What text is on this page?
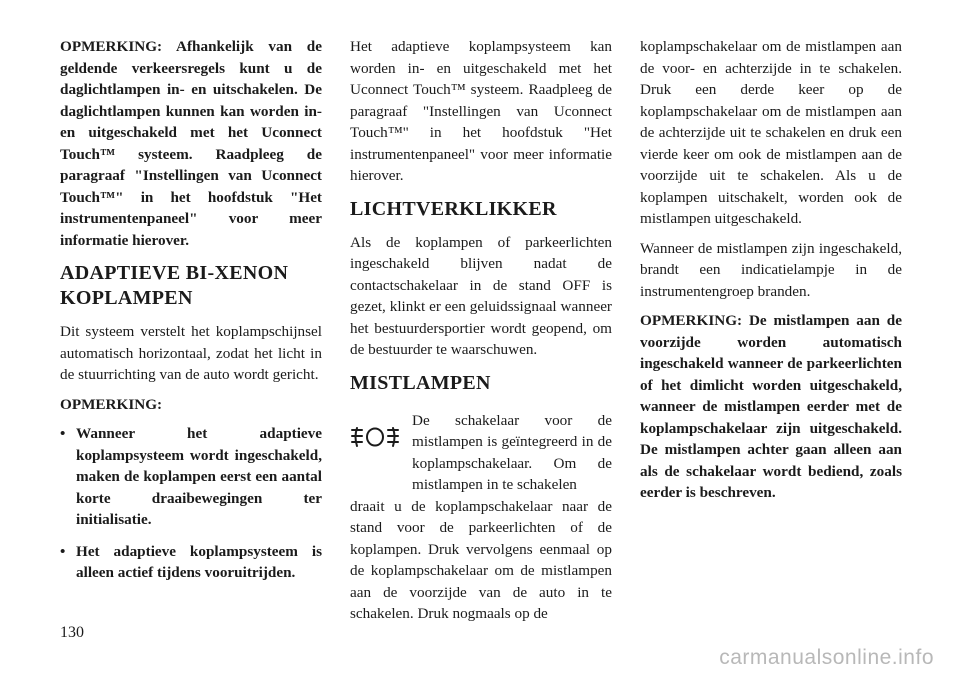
OPMERKING: Afhankelijk van de geldende verkeersregels kunt u de daglichtlampen in- en uitschakelen. De daglichtlampen kunnen kan worden in- en uitgeschakeld met het Uconnect Touch™ systeem. Raadpleeg de paragraaf "Instellingen van Uconnect Touch™" in het hoofdstuk "Het instrumentenpaneel" voor meer informatie hierover.

ADAPTIEVE BI-XENON KOPLAMPEN

Dit systeem verstelt het koplampschijnsel automatisch horizontaal, zodat het licht in de stuurrichting van de auto wordt gericht.

OPMERKING:

• Wanneer het adaptieve koplampsysteem wordt ingeschakeld, maken de koplampen eerst een aantal korte draaibewegingen ter initialisatie.
• Het adaptieve koplampsysteem is alleen actief tijdens vooruitrijden.

Het adaptieve koplampsysteem kan worden in- en uitgeschakeld met het Uconnect Touch™ systeem. Raadpleeg de paragraaf "Instellingen van Uconnect Touch™" in het hoofdstuk "Het instrumentenpaneel" voor meer informatie hierover.

LICHTVERKLIKKER

Als de koplampen of parkeerlichten ingeschakeld blijven nadat de contactschakelaar in de stand OFF is gezet, klinkt er een geluidssignaal wanneer het bestuurdersportier wordt geopend, om de bestuurder te waarschuwen.

MISTLAMPEN
De schakelaar voor de mistlampen is geïntegreerd in de koplampschakelaar. Om de mistlampen in te schakelen

draait u de koplampschakelaar naar de stand voor de parkeerlichten of de koplampen. Druk vervolgens eenmaal op de koplampschakelaar om de mistlampen aan de voorzijde van de auto in te schakelen. Druk nogmaals op de

koplampschakelaar om de mistlampen aan de voor- en achterzijde in te schakelen. Druk een derde keer op de koplampschakelaar om de mistlampen aan de achterzijde uit te schakelen en druk een vierde keer om ook de mistlampen aan de voorzijde uit te schakelen. Als u de koplampen uitschakelt, worden ook de mistlampen uitgeschakeld.

Wanneer de mistlampen zijn ingeschakeld, brandt een indicatielampje in de instrumentengroep branden.

OPMERKING: De mistlampen aan de voorzijde worden automatisch ingeschakeld wanneer de parkeerlichten of het dimlicht worden uitgeschakeld, wanneer de mistlampen eerder met de koplampschakelaar zijn uitgeschakeld. De mistlampen achter gaan alleen aan als de schakelaar wordt bediend, zoals eerder is beschreven.

130
carmanualsonline.info
